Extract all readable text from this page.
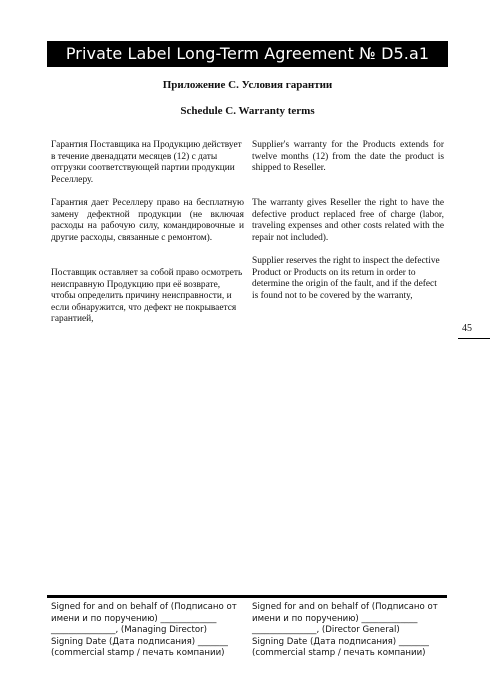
Private Label Long-Term Agreement № D5.a1
Приложение С. Условия гарантии
Schedule C. Warranty terms

Гарантия Поставщика на Продукцию действует в течение двенадцати месяцев (12) с даты отгрузки соответствующей партии продукции Реселлеру.

Гарантия дает Реселлеру право на бесплатную замену дефектной продукции (не включая расходы на рабочую силу, командировочные и другие расходы, связанные с ремонтом).

Поставщик оставляет за собой право осмотреть неисправную Продукцию при её возврате, чтобы определить причину неисправности, и если обнаружится, что дефект не покрывается гарантией,

Supplier's warranty for the Products extends for twelve months (12) from the date the product is shipped to Reseller.

The warranty gives Reseller the right to have the defective product replaced free of charge (labor, traveling expenses and other costs related with the repair not included).

Supplier reserves the right to inspect the defective Product or Products on its return in order to determine the origin of the fault, and if the defect is found not to be covered by the warranty,

45
Signed for and on behalf of (Подписано от
имени и по поручению) _____________
_______________, (Managing Director)
Signing Date (Дата подписания) _______
(commercial stamp / печать компании)
Signed for and on behalf of (Подписано от
имени и по поручению) _____________
_______________, (Director General)
Signing Date (Дата подписания) _______
(commercial stamp / печать компании)
